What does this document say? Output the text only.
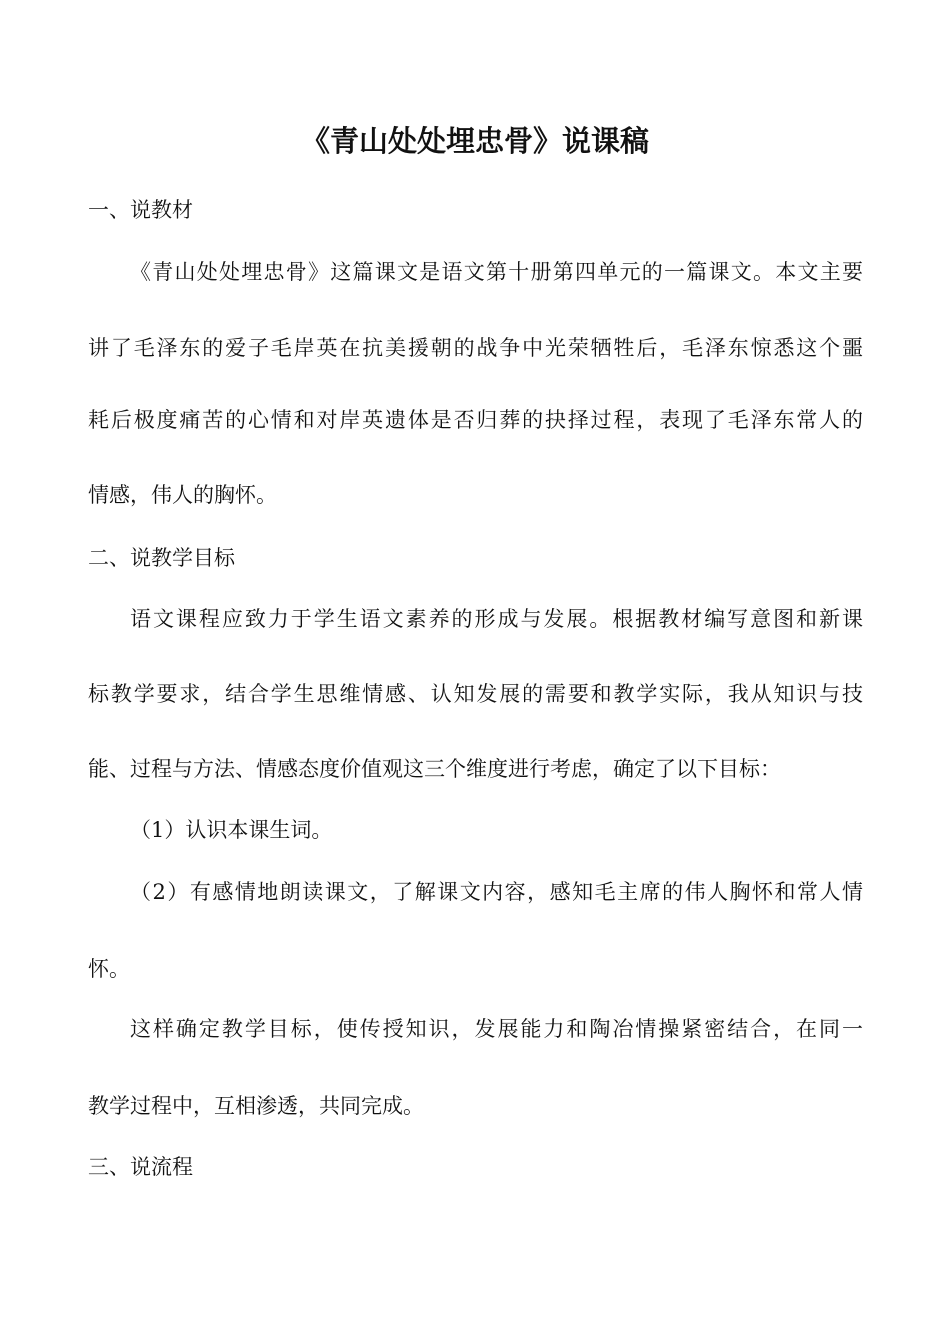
《青山处处埋忠骨》说课稿
一、说教材
《青山处处埋忠骨》这篇课文是语文第十册第四单元的一篇课文。本文主要
讲了毛泽东的爱子毛岸英在抗美援朝的战争中光荣牺牲后，毛泽东惊悉这个噩
耗后极度痛苦的心情和对岸英遗体是否归葬的抉择过程，表现了毛泽东常人的
情感，伟人的胸怀。
二、说教学目标
语文课程应致力于学生语文素养的形成与发展。根据教材编写意图和新课
标教学要求，结合学生思维情感、认知发展的需要和教学实际，我从知识与技
能、过程与方法、情感态度价值观这三个维度进行考虑，确定了以下目标：
（1）认识本课生词。
（2）有感情地朗读课文，了解课文内容，感知毛主席的伟人胸怀和常人情
怀。
这样确定教学目标，使传授知识，发展能力和陶冶情操紧密结合，在同一
教学过程中，互相渗透，共同完成。
三、说流程
